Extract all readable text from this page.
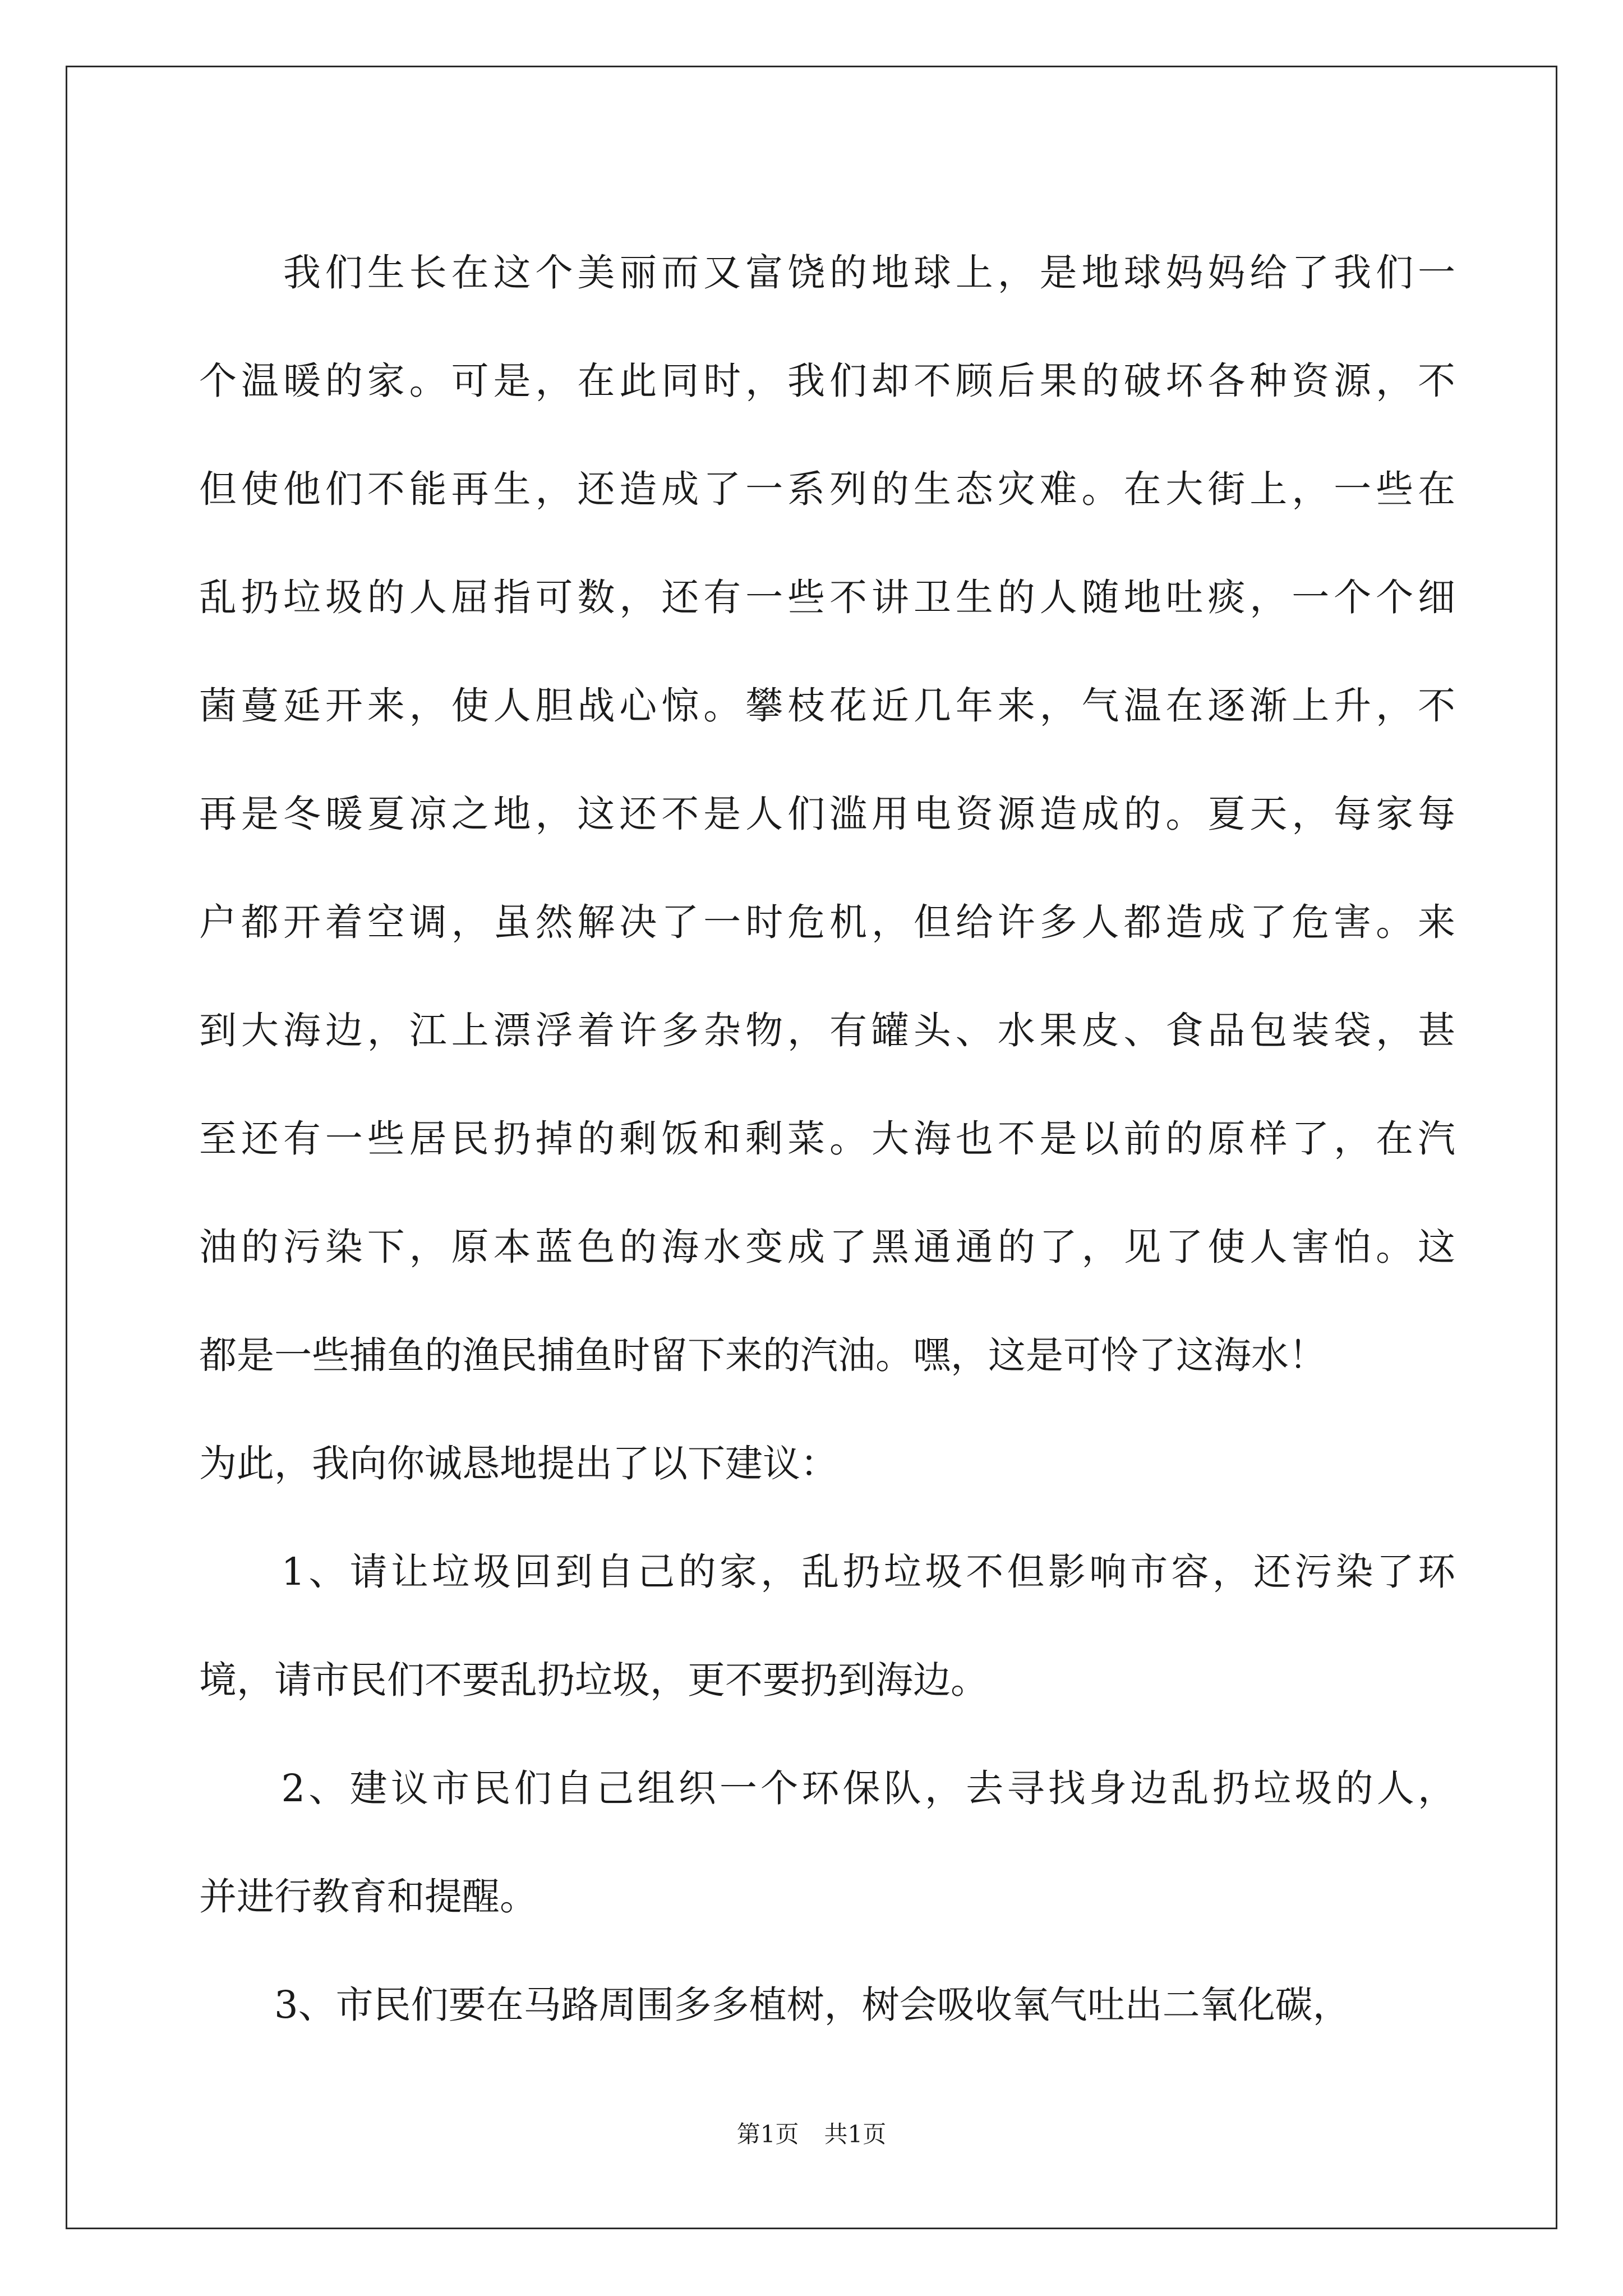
　　我们生长在这个美丽而又富饶的地球上，是地球妈妈给了我们一
个温暖的家。可是，在此同时，我们却不顾后果的破坏各种资源，不
但使他们不能再生，还造成了一系列的生态灾难。在大街上，一些在
乱扔垃圾的人屈指可数，还有一些不讲卫生的人随地吐痰，一个个细
菌蔓延开来，使人胆战心惊。攀枝花近几年来，气温在逐渐上升，不
再是冬暖夏凉之地，这还不是人们滥用电资源造成的。夏天，每家每
户都开着空调，虽然解决了一时危机，但给许多人都造成了危害。来
到大海边，江上漂浮着许多杂物，有罐头、水果皮、食品包装袋，甚
至还有一些居民扔掉的剩饭和剩菜。大海也不是以前的原样了，在汽
油的污染下，原本蓝色的海水变成了黑通通的了，见了使人害怕。这
都是一些捕鱼的渔民捕鱼时留下来的汽油。嘿，这是可怜了这海水！
为此，我向你诚恳地提出了以下建议：
　　1、请让垃圾回到自己的家，乱扔垃圾不但影响市容，还污染了环
境，请市民们不要乱扔垃圾，更不要扔到海边。
　　2、建议市民们自己组织一个环保队，去寻找身边乱扔垃圾的人，
并进行教育和提醒。
　　3、市民们要在马路周围多多植树，树会吸收氧气吐出二氧化碳，
第1页 共1页
